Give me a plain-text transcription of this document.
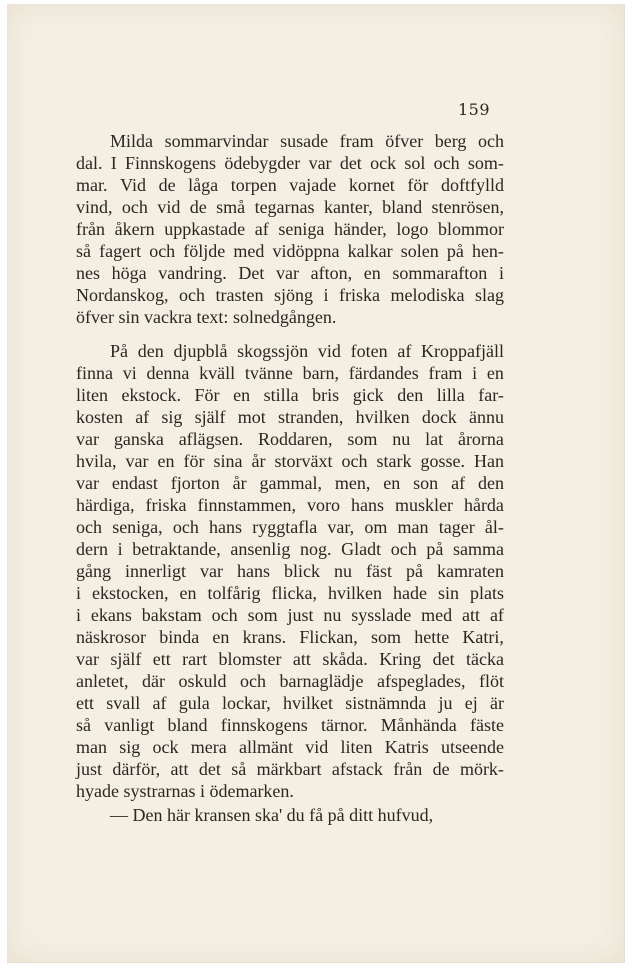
159
Milda sommarvindar susade fram öfver berg och
dal. I Finnskogens ödebygder var det ock sol och som-
mar. Vid de låga torpen vajade kornet för doftfylld
vind, och vid de små tegarnas kanter, bland stenrösen,
från åkern uppkastade af seniga händer, logo blommor
så fagert och följde med vidöppna kalkar solen på hen-
nes höga vandring. Det var afton, en sommarafton i
Nordanskog, och trasten sjöng i friska melodiska slag
öfver sin vackra text: solnedgången.
På den djupblå skogssjön vid foten af Kroppafjäll
finna vi denna kväll tvänne barn, färdandes fram i en
liten ekstock. För en stilla bris gick den lilla far-
kosten af sig själf mot stranden, hvilken dock ännu
var ganska aflägsen. Roddaren, som nu lat årorna
hvila, var en för sina år storväxt och stark gosse. Han
var endast fjorton år gammal, men, en son af den
härdiga, friska finnstammen, voro hans muskler hårda
och seniga, och hans ryggtafla var, om man tager ål-
dern i betraktande, ansenlig nog. Gladt och på samma
gång innerligt var hans blick nu fäst på kamraten
i ekstocken, en tolfårig flicka, hvilken hade sin plats
i ekans bakstam och som just nu sysslade med att af
näskrosor binda en krans. Flickan, som hette Katri,
var själf ett rart blomster att skåda. Kring det täcka
anletet, där oskuld och barnaglädje afspeglades, flöt
ett svall af gula lockar, hvilket sistnämnda ju ej är
så vanligt bland finnskogens tärnor. Månhända fäste
man sig ock mera allmänt vid liten Katris utseende
just därför, att det så märkbart afstack från de mörk-
hyade systrarnas i ödemarken.
— Den här kransen ska' du få på ditt hufvud,
